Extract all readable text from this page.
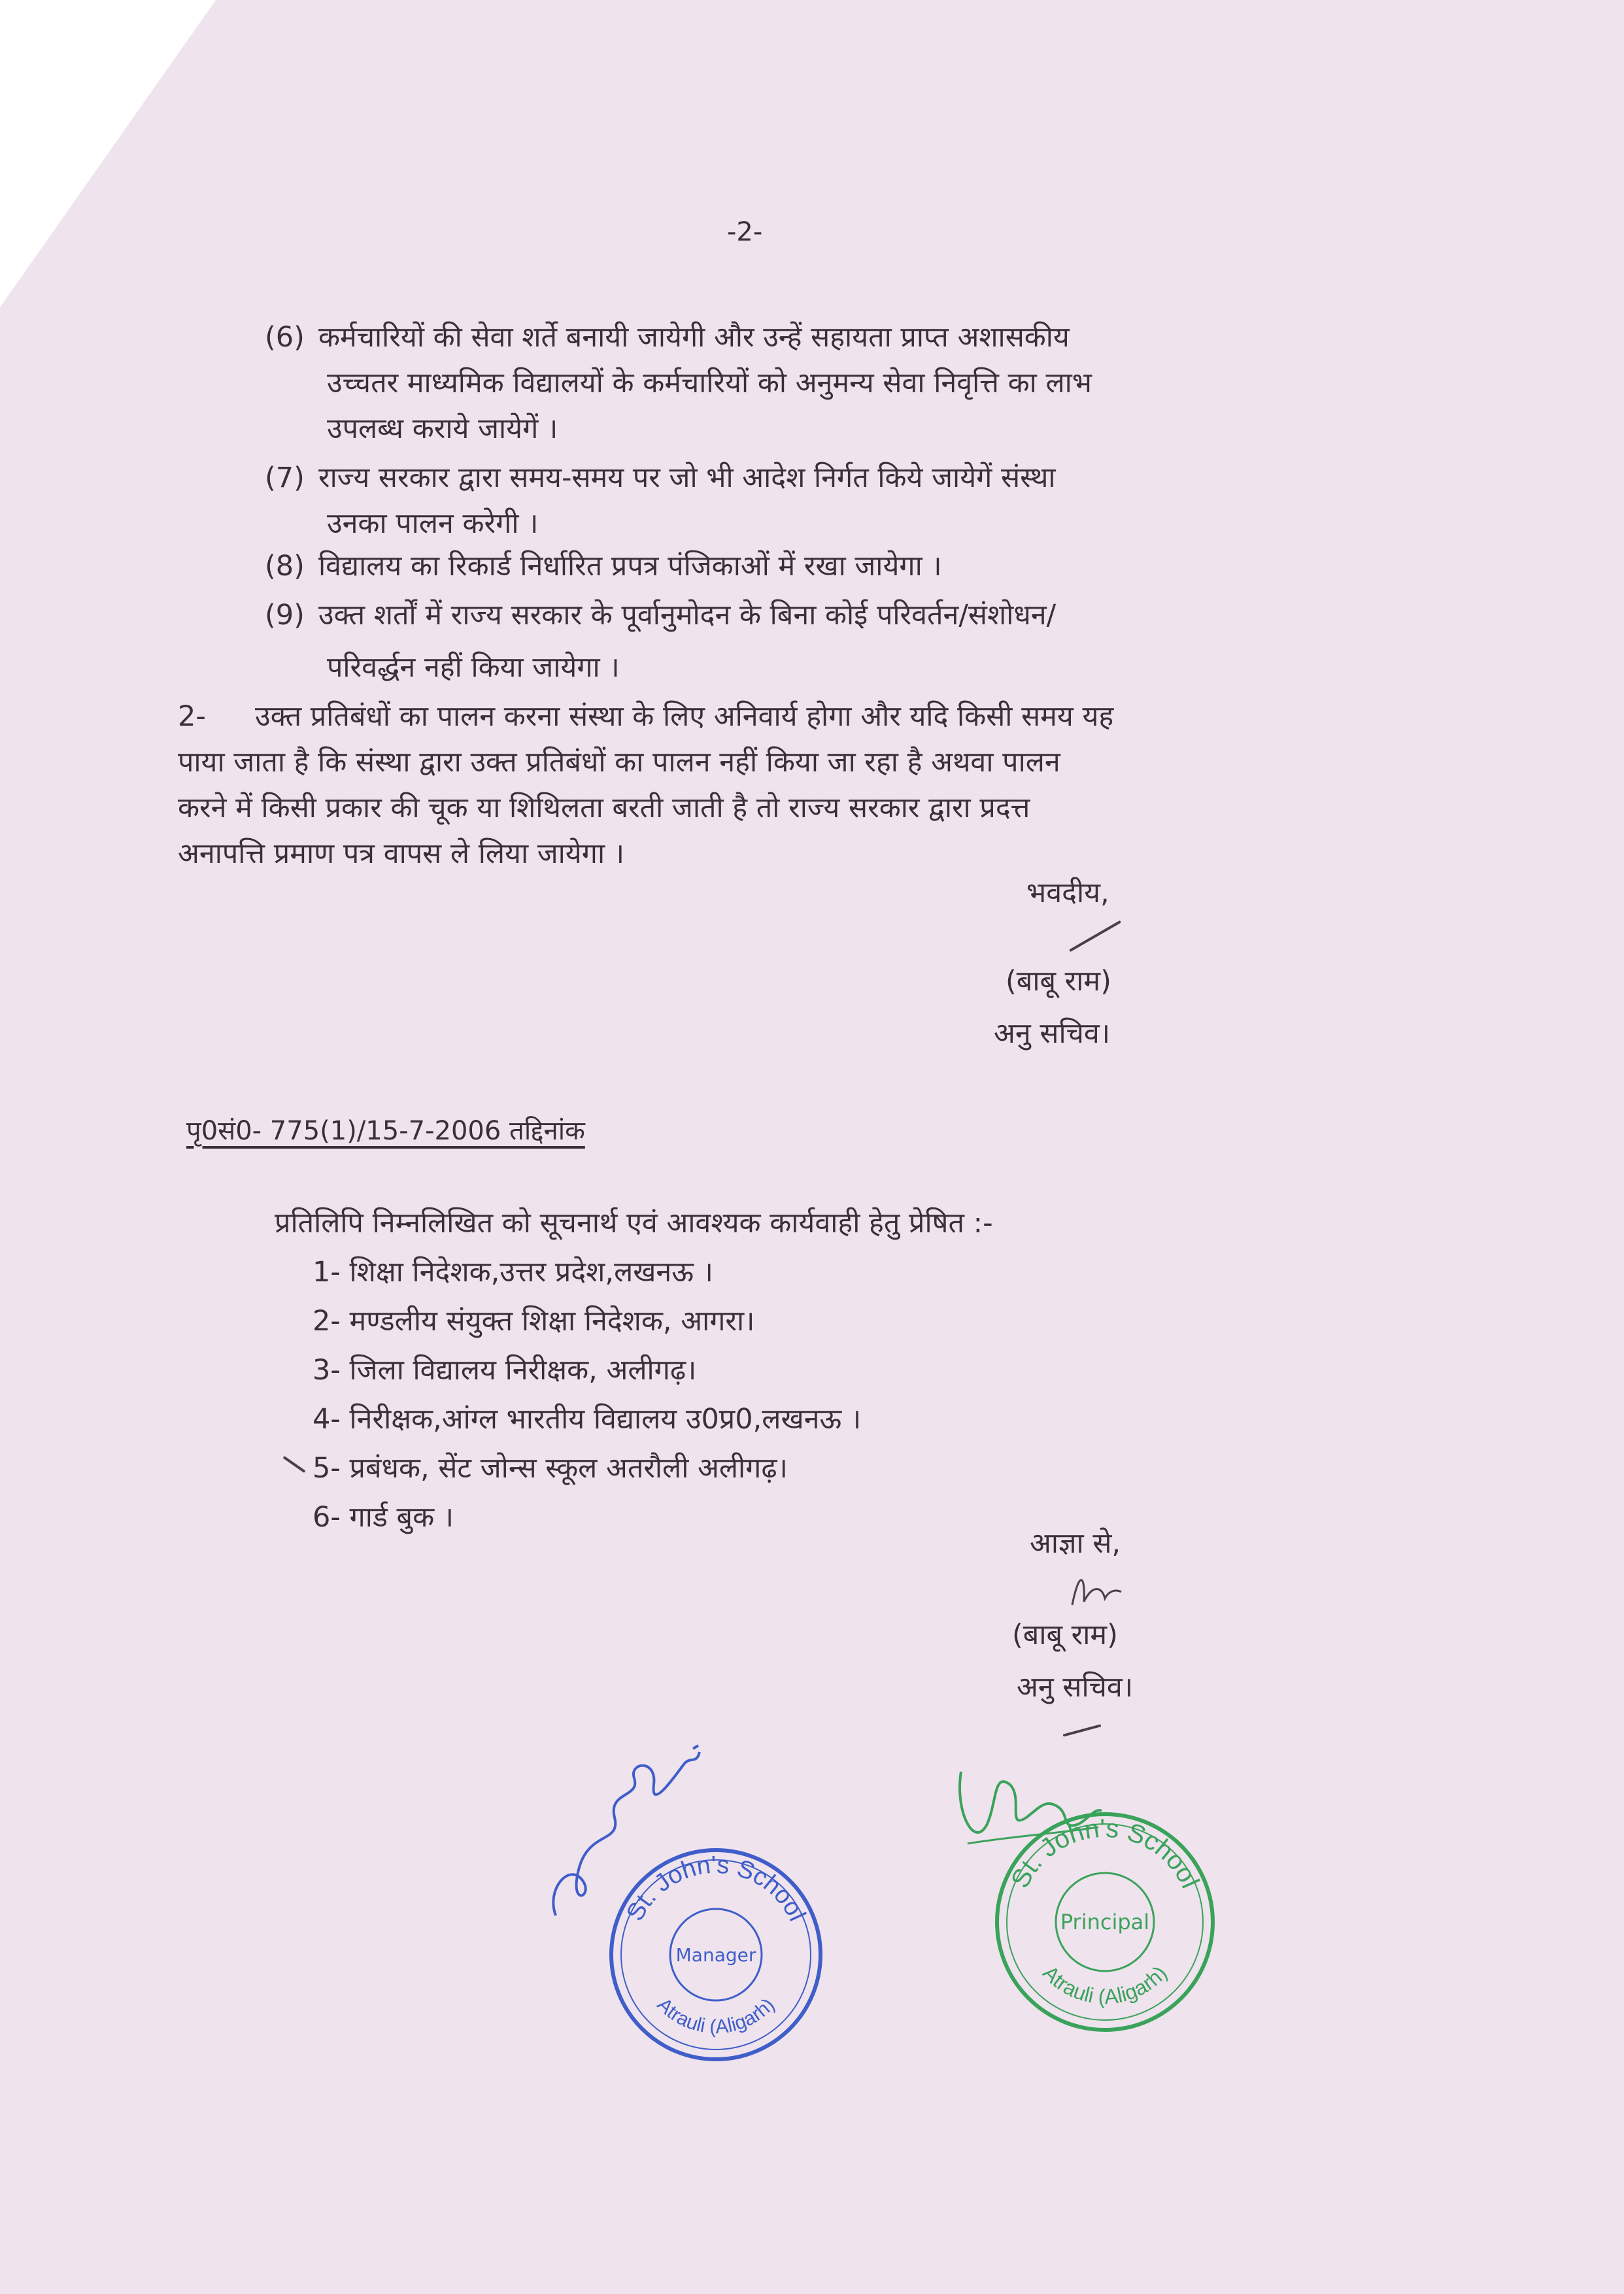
-2-
(6) कर्मचारियों की सेवा शर्ते बनायी जायेगी और उन्हें सहायता प्राप्त अशासकीय
उच्चतर माध्यमिक विद्यालयों के कर्मचारियों को अनुमन्य सेवा निवृत्ति का लाभ
उपलब्ध कराये जायेगें ।
(7) राज्य सरकार द्वारा समय-समय पर जो भी आदेश निर्गत किये जायेगें संस्था
उनका पालन करेगी ।
(8) विद्यालय का रिकार्ड निर्धारित प्रपत्र पंजिकाओं में रखा जायेगा ।
(9) उक्त शर्तों में राज्य सरकार के पूर्वानुमोदन के बिना कोई परिवर्तन/संशोधन/
परिवर्द्धन नहीं किया जायेगा ।
2- उक्त प्रतिबंधों का पालन करना संस्था के लिए अनिवार्य होगा और यदि किसी समय यह
पाया जाता है कि संस्था द्वारा उक्त प्रतिबंधों का पालन नहीं किया जा रहा है अथवा पालन
करने में किसी प्रकार की चूक या शिथिलता बरती जाती है तो राज्य सरकार द्वारा प्रदत्त
अनापत्ति प्रमाण पत्र वापस ले लिया जायेगा ।
भवदीय,
(बाबू राम)
अनु सचिव।
पृ0सं0- 775(1)/15-7-2006 तद्दिनांक
प्रतिलिपि निम्नलिखित को सूचनार्थ एवं आवश्यक कार्यवाही हेतु प्रेषित :-
1- शिक्षा निदेशक,उत्तर प्रदेश,लखनऊ ।
2- मण्डलीय संयुक्त शिक्षा निदेशक, आगरा।
3- जिला विद्यालय निरीक्षक, अलीगढ़।
4- निरीक्षक,आंग्ल भारतीय विद्यालय उ0प्र0,लखनऊ ।
5- प्रबंधक, सेंट जोन्स स्कूल अतरौली अलीगढ़।
6- गार्ड बुक ।
आज्ञा से,
(बाबू राम)
अनु सचिव।
St. John's School
Atrauli (Aligarh)
Manager
St. John's School
Atrauli (Aligarh)
Principal
